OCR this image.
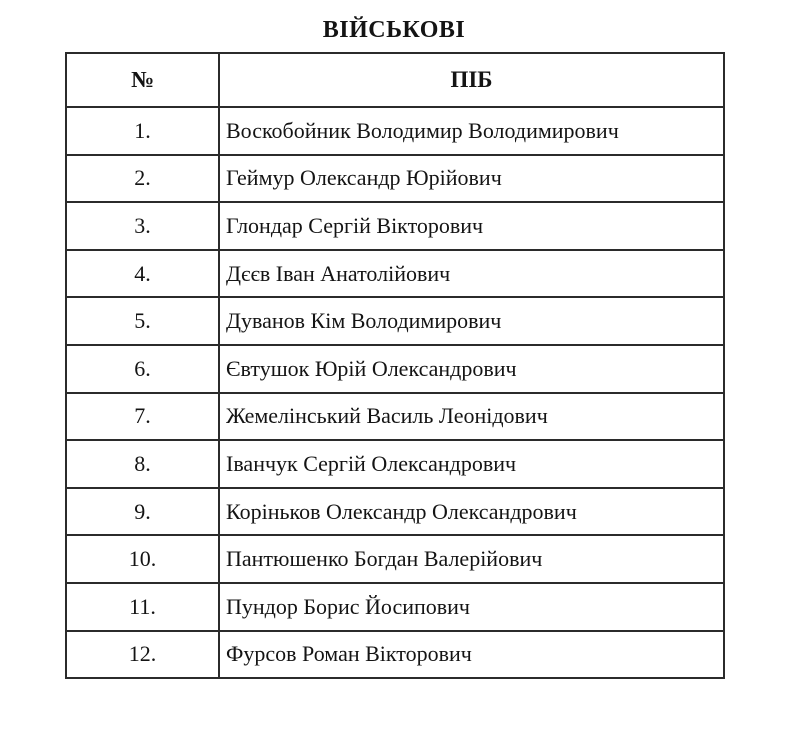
ВІЙСЬКОВІ
№	ПІБ
1.	Воскобойник Володимир Володимирович
2.	Геймур Олександр Юрійович
3.	Глондар Сергій Вікторович
4.	Дєєв Іван Анатолійович
5.	Дуванов Кім Володимирович
6.	Євтушок Юрій Олександрович
7.	Жемелінський Василь Леонідович
8.	Іванчук Сергій Олександрович
9.	Коріньков Олександр Олександрович
10.	Пантюшенко Богдан Валерійович
11.	Пундор Борис Йосипович
12.	Фурсов Роман Вікторович
